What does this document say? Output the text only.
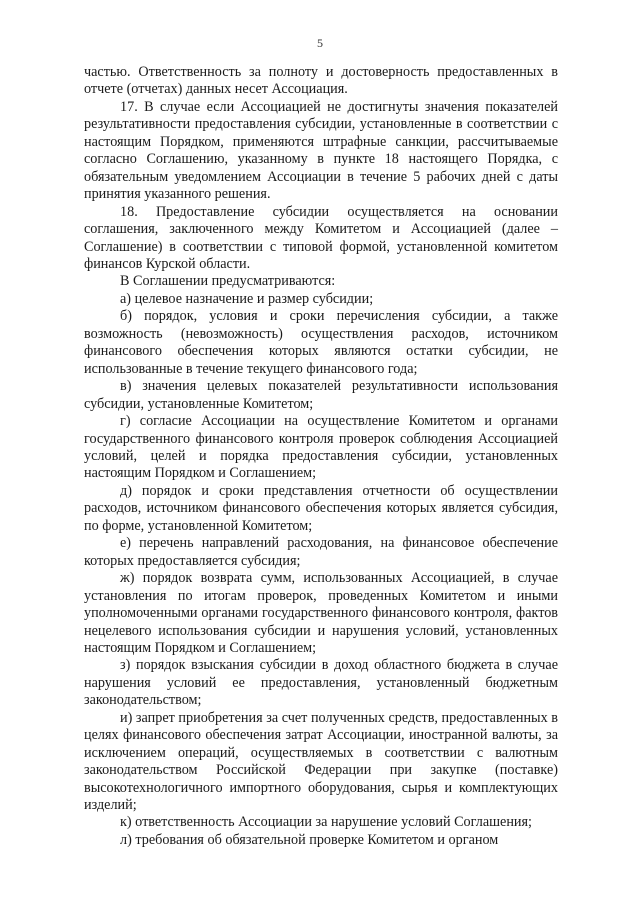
5

частью. Ответственность за полноту и достоверность предоставленных в отчете (отчетах) данных несет Ассоциация.

17. В случае если Ассоциацией не достигнуты значения показателей результативности предоставления субсидии, установленные в соответствии с настоящим Порядком, применяются штрафные санкции, рассчитываемые согласно Соглашению, указанному в пункте 18 настоящего Порядка, с обязательным уведомлением Ассоциации в течение 5 рабочих дней с даты принятия указанного решения.

18. Предоставление субсидии осуществляется на основании соглашения, заключенного между Комитетом и Ассоциацией (далее – Соглашение) в соответствии с типовой формой, установленной комитетом финансов Курской области.

В Соглашении предусматриваются:

а) целевое назначение и размер субсидии;

б) порядок, условия и сроки перечисления субсидии, а также возможность (невозможность) осуществления расходов, источником финансового обеспечения которых являются остатки субсидии, не использованные в течение текущего финансового года;

в) значения целевых показателей результативности использования субсидии, установленные Комитетом;

г) согласие Ассоциации на осуществление Комитетом и органами государственного финансового контроля проверок соблюдения Ассоциацией условий, целей и порядка предоставления субсидии, установленных настоящим Порядком и Соглашением;

д) порядок и сроки представления отчетности об осуществлении расходов, источником финансового обеспечения которых является субсидия, по форме, установленной Комитетом;

е) перечень направлений расходования, на финансовое обеспечение которых предоставляется субсидия;

ж) порядок возврата сумм, использованных Ассоциацией, в случае установления по итогам проверок, проведенных Комитетом и иными уполномоченными органами государственного финансового контроля, фактов нецелевого использования субсидии и нарушения условий, установленных настоящим Порядком и Соглашением;

з) порядок взыскания субсидии в доход областного бюджета в случае нарушения условий ее предоставления, установленный бюджетным законодательством;

и) запрет приобретения за счет полученных средств, предоставленных в целях финансового обеспечения затрат Ассоциации, иностранной валюты, за исключением операций, осуществляемых в соответствии с валютным законодательством Российской Федерации при закупке (поставке) высокотехнологичного импортного оборудования, сырья и комплектующих изделий;

к) ответственность Ассоциации за нарушение условий Соглашения;

л) требования об обязательной проверке Комитетом и органом
